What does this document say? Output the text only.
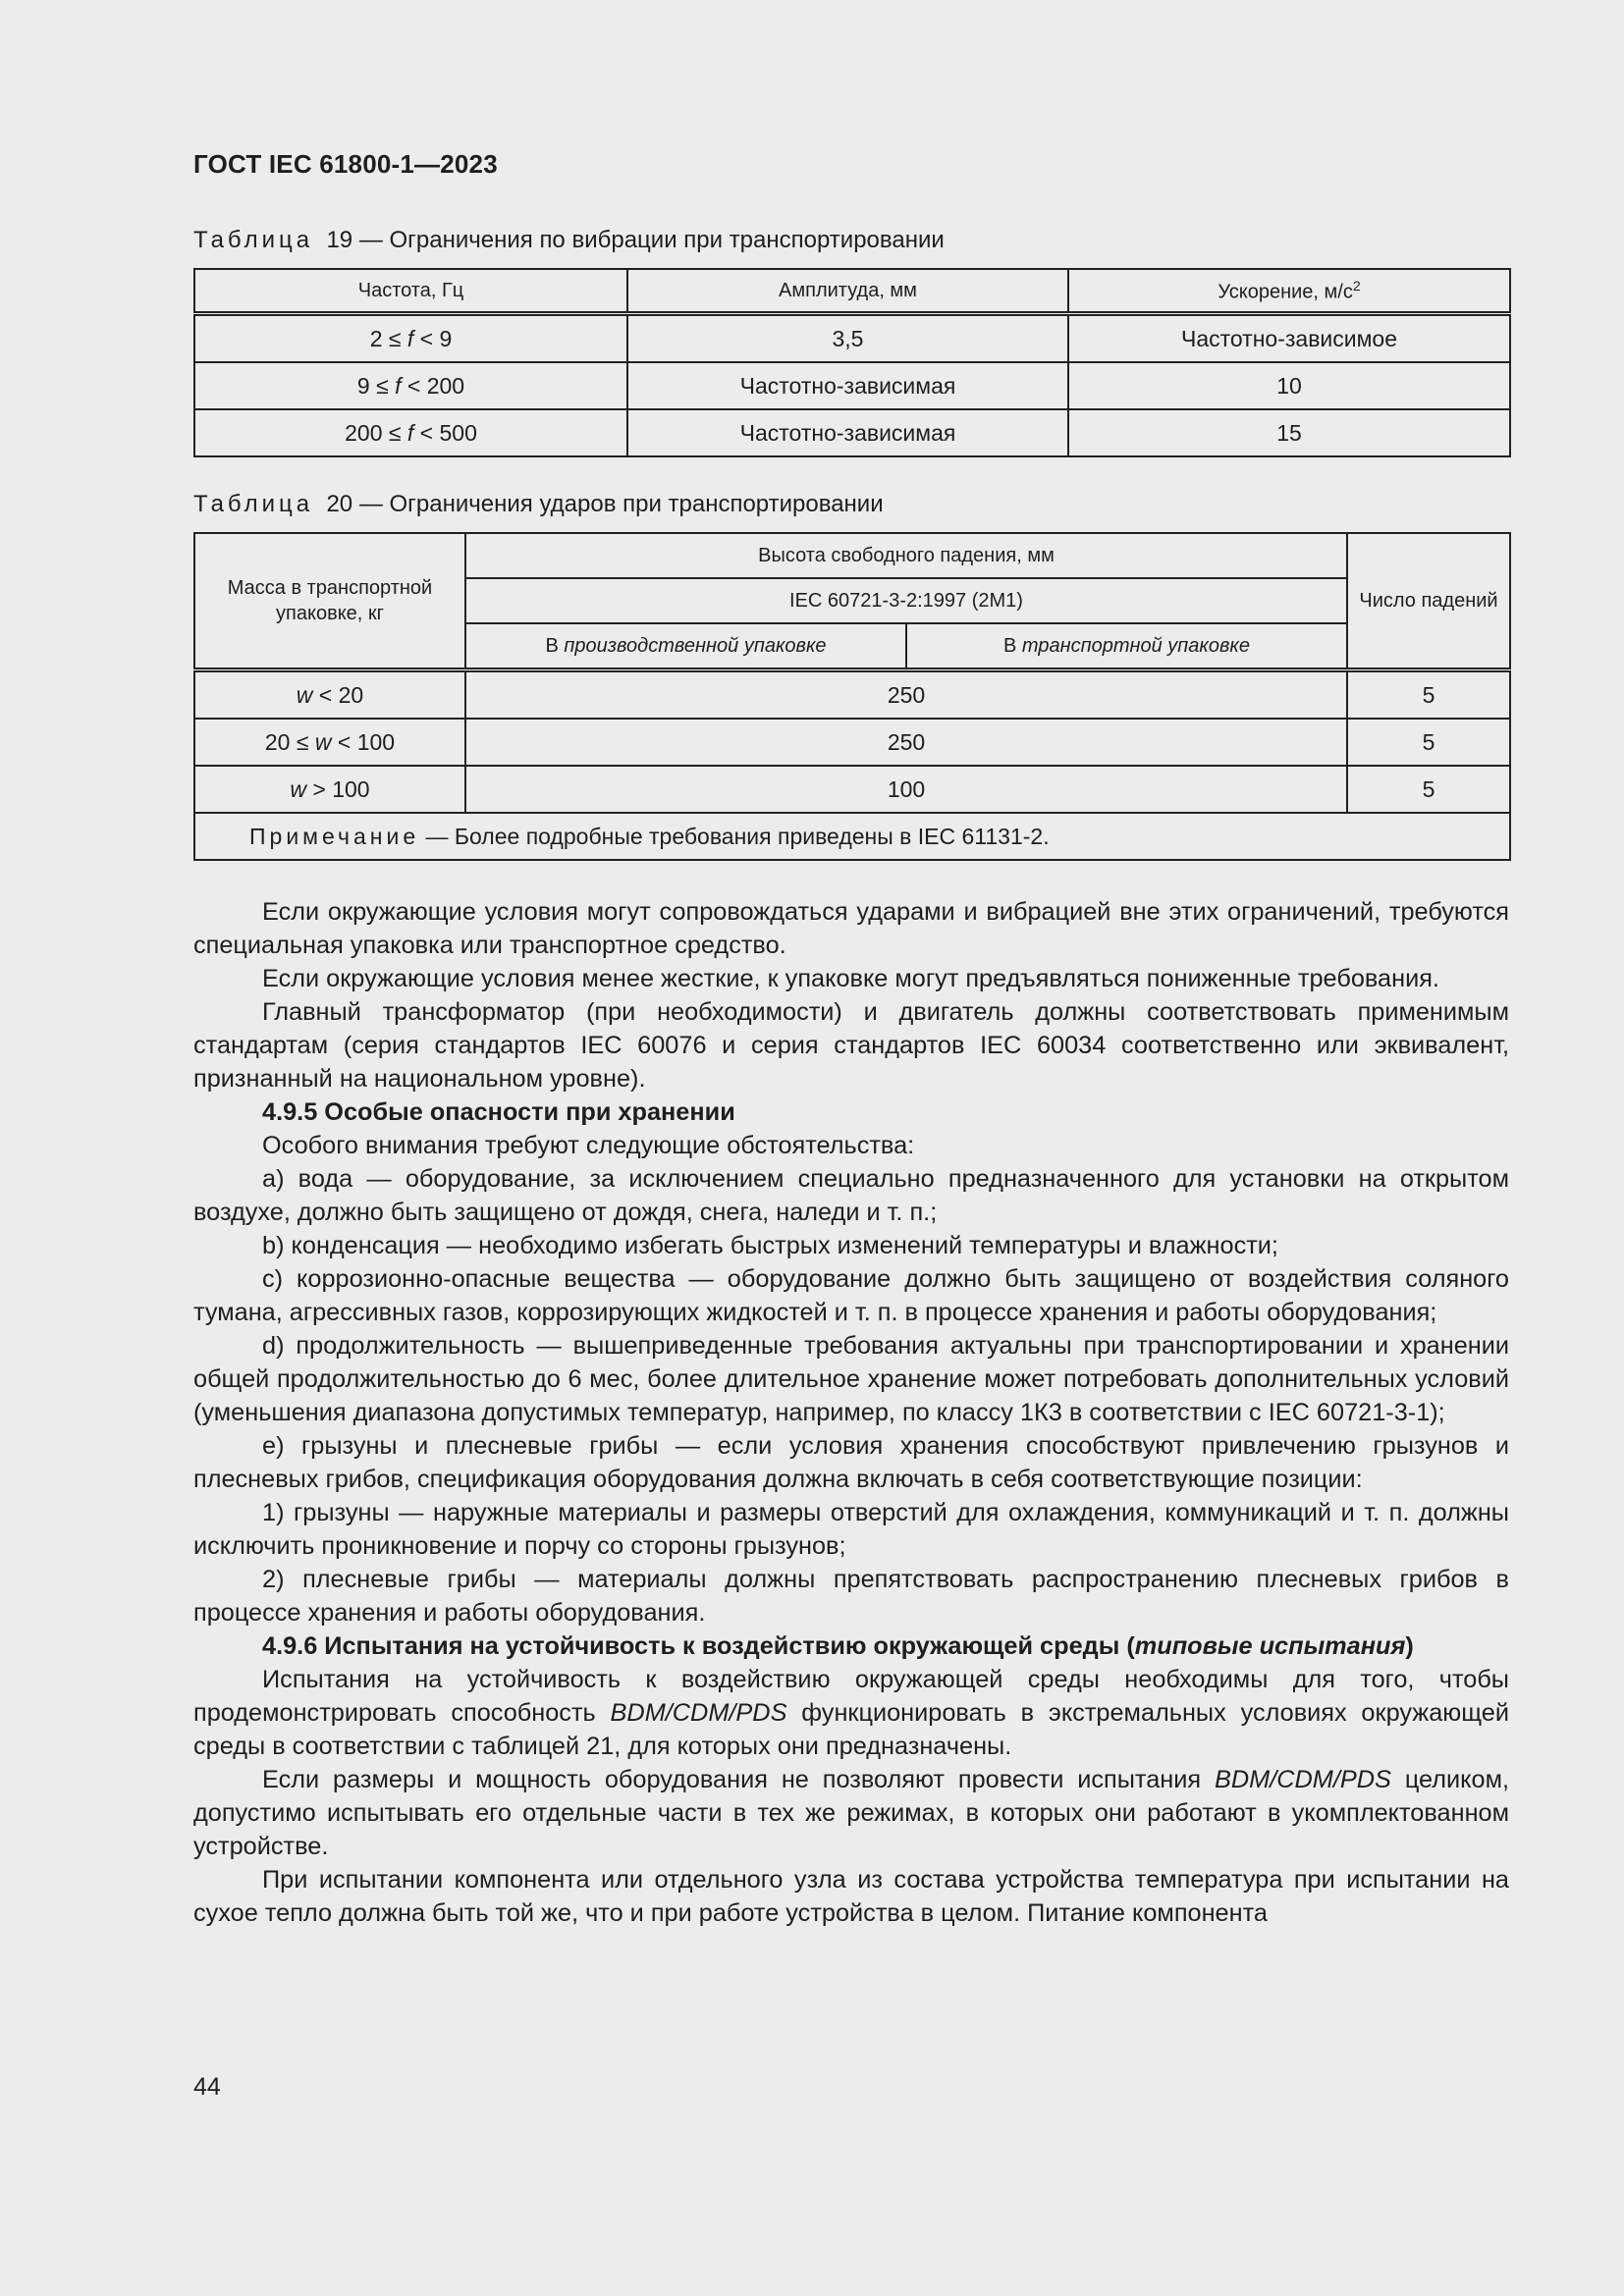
ГОСТ IEC 61800-1—2023
Таблица 19 — Ограничения по вибрации при транспортировании
Частота, Гц	Амплитуда, мм	Ускорение, $м/с^2$
2 ≤ f < 9	3,5	Частотно-зависимое
9 ≤ f < 200	Частотно-зависимая	10
200 ≤ f < 500	Частотно-зависимая	15
Таблица 20 — Ограничения ударов при транспортировании
Масса в транспортной упаковке, кг	Высота свободного падения, мм		Число падений
	IEC 60721-3-2:1997 (2M1)		
	В производственной упаковке	В транспортной упаковке	
w < 20	250		5
20 ≤ w < 100	250		5
w > 100	100		5
Примечание — Более подробные требования приведены в IEC 61131-2.			

Если окружающие условия могут сопровождаться ударами и вибрацией вне этих ограничений, требуются специальная упаковка или транспортное средство.

Если окружающие условия менее жесткие, к упаковке могут предъявляться пониженные требования.

Главный трансформатор (при необходимости) и двигатель должны соответствовать применимым стандартам (серия стандартов IEC 60076 и серия стандартов IEC 60034 соответственно или эквивалент, признанный на национальном уровне).

4.9.5 Особые опасности при хранении

Особого внимания требуют следующие обстоятельства:

а) вода — оборудование, за исключением специально предназначенного для установки на открытом воздухе, должно быть защищено от дождя, снега, наледи и т. п.;

b) конденсация — необходимо избегать быстрых изменений температуры и влажности;

с) коррозионно-опасные вещества — оборудование должно быть защищено от воздействия соляного тумана, агрессивных газов, коррозирующих жидкостей и т. п. в процессе хранения и работы оборудования;

d) продолжительность — вышеприведенные требования актуальны при транспортировании и хранении общей продолжительностью до 6 мес, более длительное хранение может потребовать дополнительных условий (уменьшения диапазона допустимых температур, например, по классу 1К3 в соответствии с IEC 60721-3-1);

е) грызуны и плесневые грибы — если условия хранения способствуют привлечению грызунов и плесневых грибов, спецификация оборудования должна включать в себя соответствующие позиции:

1) грызуны — наружные материалы и размеры отверстий для охлаждения, коммуникаций и т. п. должны исключить проникновение и порчу со стороны грызунов;

2) плесневые грибы — материалы должны препятствовать распространению плесневых грибов в процессе хранения и работы оборудования.

4.9.6 Испытания на устойчивость к воздействию окружающей среды (типовые испытания)

Испытания на устойчивость к воздействию окружающей среды необходимы для того, чтобы продемонстрировать способность BDM/CDM/PDS функционировать в экстремальных условиях окружающей среды в соответствии с таблицей 21, для которых они предназначены.

Если размеры и мощность оборудования не позволяют провести испытания BDM/CDM/PDS целиком, допустимо испытывать его отдельные части в тех же режимах, в которых они работают в укомплектованном устройстве.

При испытании компонента или отдельного узла из состава устройства температура при испытании на сухое тепло должна быть той же, что и при работе устройства в целом. Питание компонента

44
